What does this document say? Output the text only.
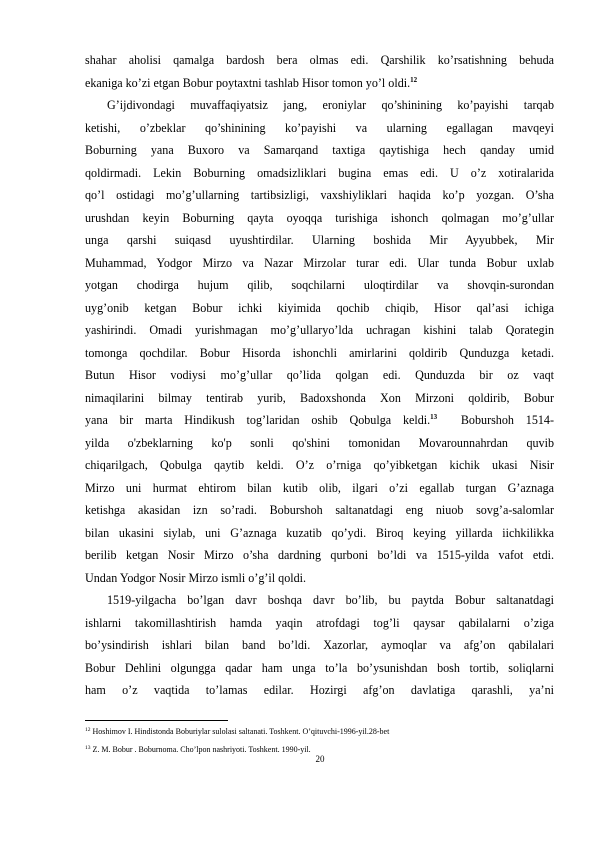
shahar aholisi qamalga bardosh bera olmas edi. Qarshilik ko’rsatishning behuda
ekaniga ko’zi etgan Bobur poytaxtni tashlab Hisor tomon yo’l oldi.$^{12}$
G’ijdivondagi muvaffaqiyatsiz jang, eroniylar qo’shinining ko’payishi tarqab
ketishi, o’zbeklar qo’shinining ko’payishi va ularning egallagan mavqeyi
Boburning yana Buxoro va Samarqand taxtiga qaytishiga hech qanday umid
qoldirmadi. Lekin Boburning omadsizliklari bugina emas edi. U o’z xotiralarida
qo’l ostidagi mo’g’ullarning tartibsizligi, vaxshiyliklari haqida ko’p yozgan. O’sha
urushdan keyin Boburning qayta oyoqqa turishiga ishonch qolmagan mo’g’ullar
unga qarshi suiqasd uyushtirdilar. Ularning boshida Mir Ayyubbek, Mir
Muhammad, Yodgor Mirzo va Nazar Mirzolar turar edi. Ular tunda Bobur uxlab
yotgan chodirga hujum qilib, soqchilarni uloqtirdilar va shovqin-surondan
uyg’onib ketgan Bobur ichki kiyimida qochib chiqib, Hisor qal’asi ichiga
yashirindi. Omadi yurishmagan mo’g’ullaryo’lda uchragan kishini talab Qorategin
tomonga qochdilar. Bobur Hisorda ishonchli amirlarini qoldirib Qunduzga ketadi.
Butun Hisor vodiysi mo’g’ullar qo’lida qolgan edi. Qunduzda bir oz vaqt
nimaqilarini bilmay tentirab yurib, Badoxshonda Xon Mirzoni qoldirib, Bobur
yana bir marta Hindikush tog’laridan oshib Qobulga keldi.$^{13}$ Boburshoh 1514-
yilda o'zbeklarning ko'p sonli qo'shini tomonidan Movarounnahrdan quvib
chiqarilgach, Qobulga qaytib keldi. O’z o’rniga qo’yibketgan kichik ukasi Nisir
Mirzo uni hurmat ehtirom bilan kutib olib, ilgari o’zi egallab turgan G’aznaga
ketishga akasidan izn so’radi. Boburshoh saltanatdagi eng niuob sovg’a-salomlar
bilan ukasini siylab, uni G’aznaga kuzatib qo’ydi. Biroq keying yillarda iichkilikka
berilib ketgan Nosir Mirzo o’sha dardning qurboni bo’ldi va 1515-yilda vafot etdi.
Undan Yodgor Nosir Mirzo ismli o’g’il qoldi.
1519-yilgacha bo’lgan davr boshqa davr bo’lib, bu paytda Bobur saltanatdagi
ishlarni takomillashtirish hamda yaqin atrofdagi tog’li qaysar qabilalarni o’ziga
bo’ysindirish ishlari bilan band bo’ldi. Xazorlar, aymoqlar va afg’on qabilalari
Bobur Dehlini olgungga qadar ham unga to’la bo’ysunishdan bosh tortib, soliqlarni
ham o’z vaqtida to’lamas edilar. Hozirgi afg’on davlatiga qarashli, ya’ni
$^{12}$ Hoshimov I. Hindistonda Boburiylar sulolasi saltanati. Toshkent. O’qituvchi-1996-yil.28-bet
$^{13}$ Z. M. Bobur . Boburnoma. Cho’lpon nashriyoti. Toshkent. 1990-yil.
20
